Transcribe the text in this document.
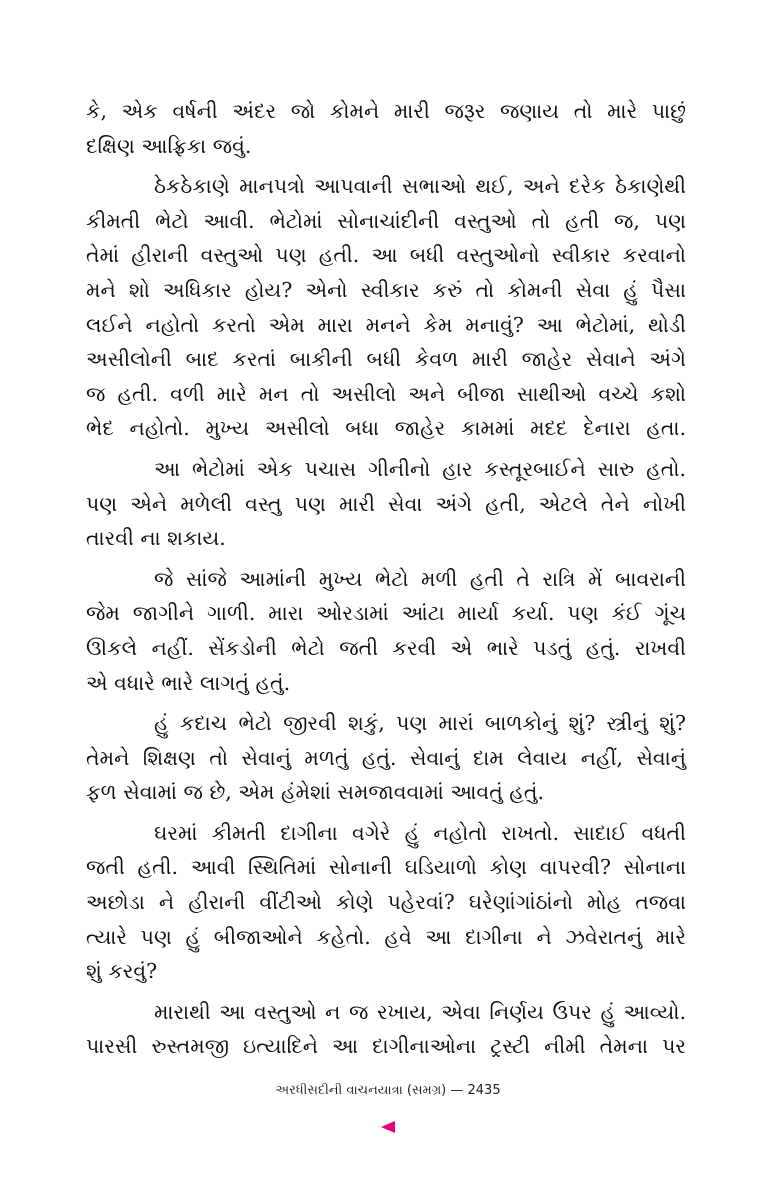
કે, એક વર્ષની અંદર જો કોમને મારી જરૂર જણાય તો મારે પાછું
દક્ષિણ આફ્રિકા જવું.

ઠેકઠેકાણે માનપત્રો આપવાની સભાઓ થઈ, અને દરેક ઠેકાણેથી
કીમતી ભેટો આવી. ભેટોમાં સોનાચાંદીની વસ્તુઓ તો હતી જ, પણ
તેમાં હીરાની વસ્તુઓ પણ હતી. આ બધી વસ્તુઓનો સ્વીકાર કરવાનો
મને શો અધિકાર હોય? એનો સ્વીકાર કરું તો કોમની સેવા હું પૈસા
લઈને નહોતો કરતો એમ મારા મનને કેમ મનાવું? આ ભેટોમાં, થોડી
અસીલોની બાદ કરતાં બાકીની બધી કેવળ મારી જાહેર સેવાને અંગે
જ હતી. વળી મારે મન તો અસીલો અને બીજા સાથીઓ વચ્ચે કશો
ભેદ નહોતો. મુખ્ય અસીલો બધા જાહેર કામમાં મદદ દેનારા હતા.

આ ભેટોમાં એક પચાસ ગીનીનો હાર કસ્તૂરબાઈને સારુ હતો.
પણ એને મળેલી વસ્તુ પણ મારી સેવા અંગે હતી, એટલે તેને નોખી
તારવી ના શકાય.

જે સાંજે આમાંની મુખ્ય ભેટો મળી હતી તે રાત્રિ મેં બાવરાની
જેમ જાગીને ગાળી. મારા ઓરડામાં આંટા માર્યા કર્યા. પણ કંઈ ગૂંચ
ઊકલે નહીં. સેંકડોની ભેટો જતી કરવી એ ભારે પડતું હતું. રાખવી
એ વધારે ભારે લાગતું હતું.

હું કદાચ ભેટો જીરવી શકું, પણ મારાં બાળકોનું શું? સ્ત્રીનું શું?
તેમને શિક્ષણ તો સેવાનું મળતું હતું. સેવાનું દામ લેવાય નહીં, સેવાનું
ફળ સેવામાં જ છે, એમ હંમેશાં સમજાવવામાં આવતું હતું.

ઘરમાં કીમતી દાગીના વગેરે હું નહોતો રાખતો. સાદાઈ વધતી
જતી હતી. આવી સ્થિતિમાં સોનાની ઘડિયાળો કોણ વાપરવી? સોનાના
અછોડા ને હીરાની વીંટીઓ કોણે પહેરવાં? ઘરેણાંગાંઠાંનો મોહ તજવા
ત્યારે પણ હું બીજાઓને કહેતો. હવે આ દાગીના ને ઝવેરાતનું મારે
શું કરવું?

મારાથી આ વસ્તુઓ ન જ રખાય, એવા નિર્ણય ઉપર હું આવ્યો.
પારસી રુસ્તમજી ઇત્યાદિને આ દાગીનાઓના ટ્રસ્ટી નીમી તેમના પર

અરધીસદીની વાચનયાત્રા (સમગ્ર) — 2435
